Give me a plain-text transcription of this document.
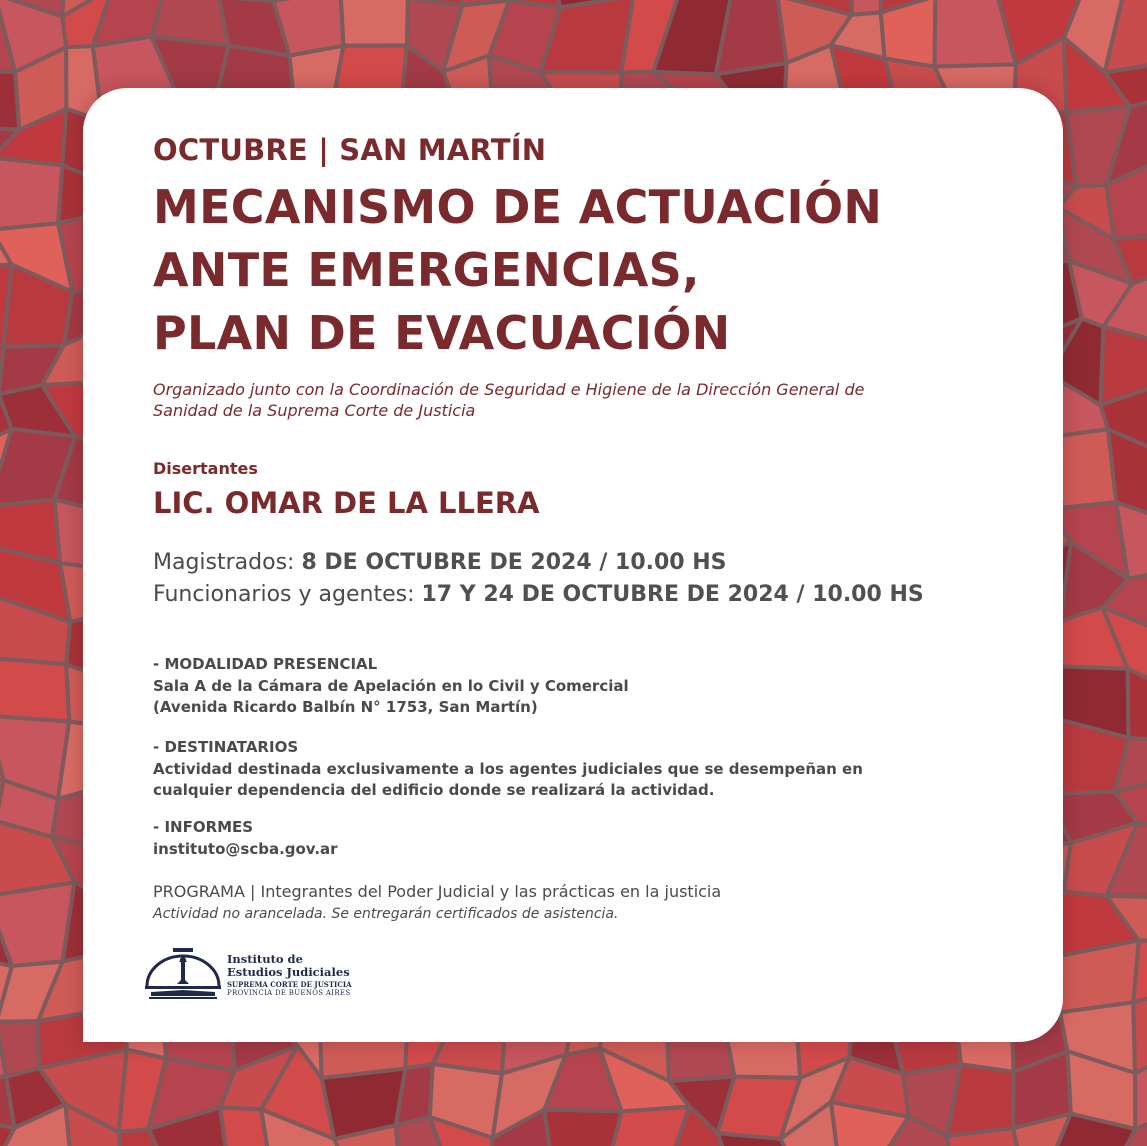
OCTUBRE | SAN MARTÍN

MECANISMO DE ACTUACIÓN
ANTE EMERGENCIAS,
PLAN DE EVACUACIÓN

Organizado junto con la Coordinación de Seguridad e Higiene de la Dirección General de
Sanidad de la Suprema Corte de Justicia

Disertantes

LIC. OMAR DE LA LLERA

Magistrados: 8 DE OCTUBRE DE 2024 / 10.00 HS

Funcionarios y agentes: 17 Y 24 DE OCTUBRE DE 2024 / 10.00 HS

- MODALIDAD PRESENCIAL

Sala A de la Cámara de Apelación en lo Civil y Comercial
(Avenida Ricardo Balbín N° 1753, San Martín)

- DESTINATARIOS

Actividad destinada exclusivamente a los agentes judiciales que se desempeñan en
cualquier dependencia del edificio donde se realizará la actividad.

- INFORMES

instituto@scba.gov.ar

PROGRAMA | Integrantes del Poder Judicial y las prácticas en la justicia

Actividad no arancelada. Se entregarán certificados de asistencia.

Instituto de
Estudios Judiciales
SUPREMA CORTE DE JUSTICIA
PROVINCIA DE BUENOS AIRES
